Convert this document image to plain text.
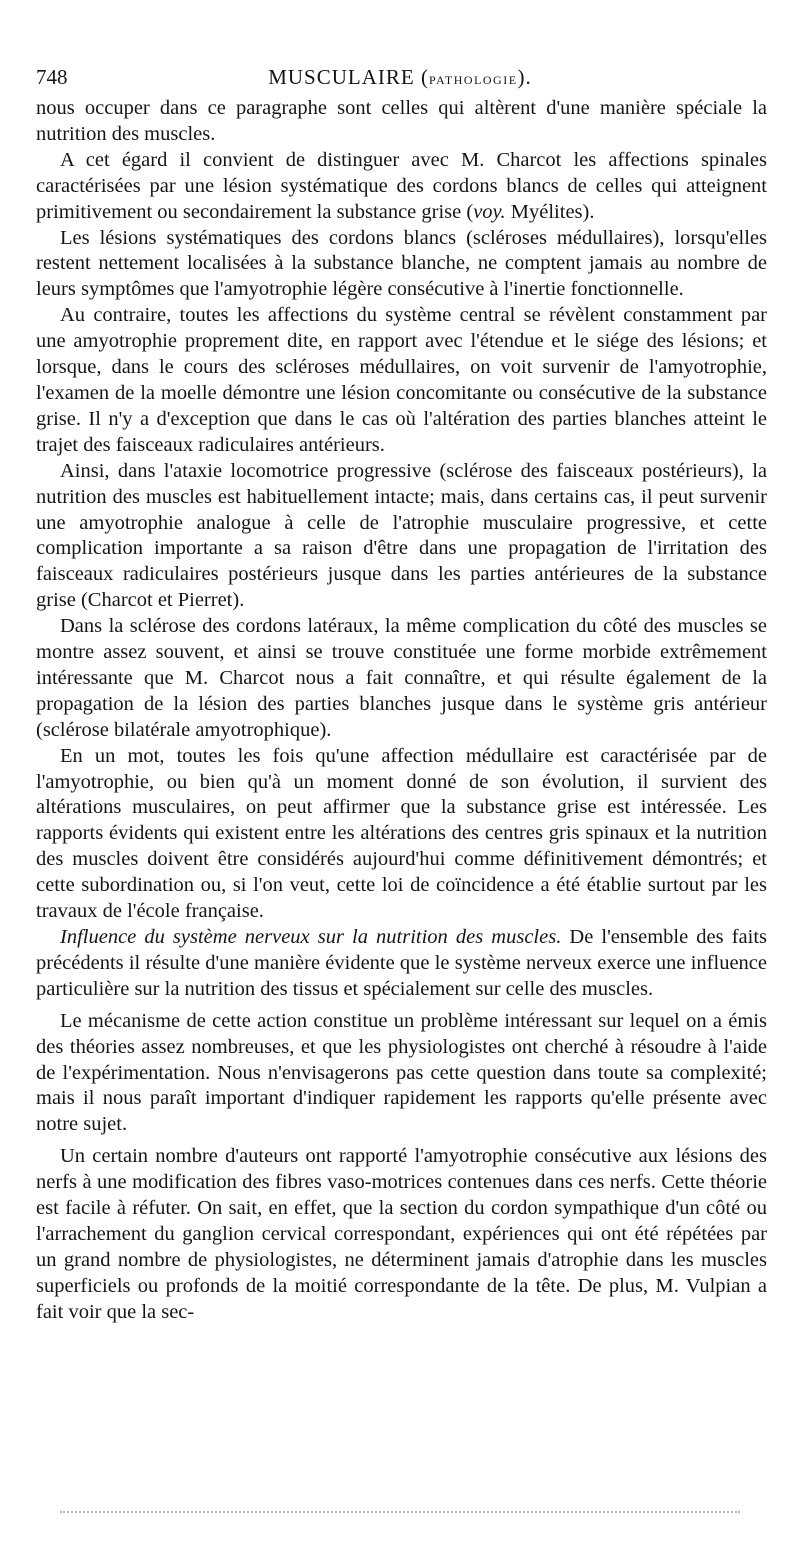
748	MUSCULAIRE (PATHOLOGIE).

nous occuper dans ce paragraphe sont celles qui altèrent d'une manière spéciale la nutrition des muscles.

A cet égard il convient de distinguer avec M. Charcot les affections spinales caractérisées par une lésion systématique des cordons blancs de celles qui atteignent primitivement ou secondairement la substance grise (voy. Myélites).

Les lésions systématiques des cordons blancs (scléroses médullaires), lorsqu'elles restent nettement localisées à la substance blanche, ne comptent jamais au nombre de leurs symptômes que l'amyotrophie légère consécutive à l'inertie fonctionnelle.

Au contraire, toutes les affections du système central se révèlent constamment par une amyotrophie proprement dite, en rapport avec l'étendue et le siége des lésions; et lorsque, dans le cours des scléroses médullaires, on voit survenir de l'amyotrophie, l'examen de la moelle démontre une lésion concomitante ou consécutive de la substance grise. Il n'y a d'exception que dans le cas où l'altération des parties blanches atteint le trajet des faisceaux radiculaires antérieurs.

Ainsi, dans l'ataxie locomotrice progressive (sclérose des faisceaux postérieurs), la nutrition des muscles est habituellement intacte; mais, dans certains cas, il peut survenir une amyotrophie analogue à celle de l'atrophie musculaire progressive, et cette complication importante a sa raison d'être dans une propagation de l'irritation des faisceaux radiculaires postérieurs jusque dans les parties antérieures de la substance grise (Charcot et Pierret).

Dans la sclérose des cordons latéraux, la même complication du côté des muscles se montre assez souvent, et ainsi se trouve constituée une forme morbide extrêmement intéressante que M. Charcot nous a fait connaître, et qui résulte également de la propagation de la lésion des parties blanches jusque dans le système gris antérieur (sclérose bilatérale amyotrophique).

En un mot, toutes les fois qu'une affection médullaire est caractérisée par de l'amyotrophie, ou bien qu'à un moment donné de son évolution, il survient des altérations musculaires, on peut affirmer que la substance grise est intéressée. Les rapports évidents qui existent entre les altérations des centres gris spinaux et la nutrition des muscles doivent être considérés aujourd'hui comme définitivement démontrés; et cette subordination ou, si l'on veut, cette loi de coïncidence a été établie surtout par les travaux de l'école française.

Influence du système nerveux sur la nutrition des muscles. De l'ensemble des faits précédents il résulte d'une manière évidente que le système nerveux exerce une influence particulière sur la nutrition des tissus et spécialement sur celle des muscles.

Le mécanisme de cette action constitue un problème intéressant sur lequel on a émis des théories assez nombreuses, et que les physiologistes ont cherché à résoudre à l'aide de l'expérimentation. Nous n'envisagerons pas cette question dans toute sa complexité; mais il nous paraît important d'indiquer rapidement les rapports qu'elle présente avec notre sujet.

Un certain nombre d'auteurs ont rapporté l'amyotrophie consécutive aux lésions des nerfs à une modification des fibres vaso-motrices contenues dans ces nerfs. Cette théorie est facile à réfuter. On sait, en effet, que la section du cordon sympathique d'un côté ou l'arrachement du ganglion cervical correspondant, expériences qui ont été répétées par un grand nombre de physiologistes, ne déterminent jamais d'atrophie dans les muscles superficiels ou profonds de la moitié correspondante de la tête. De plus, M. Vulpian a fait voir que la sec-
